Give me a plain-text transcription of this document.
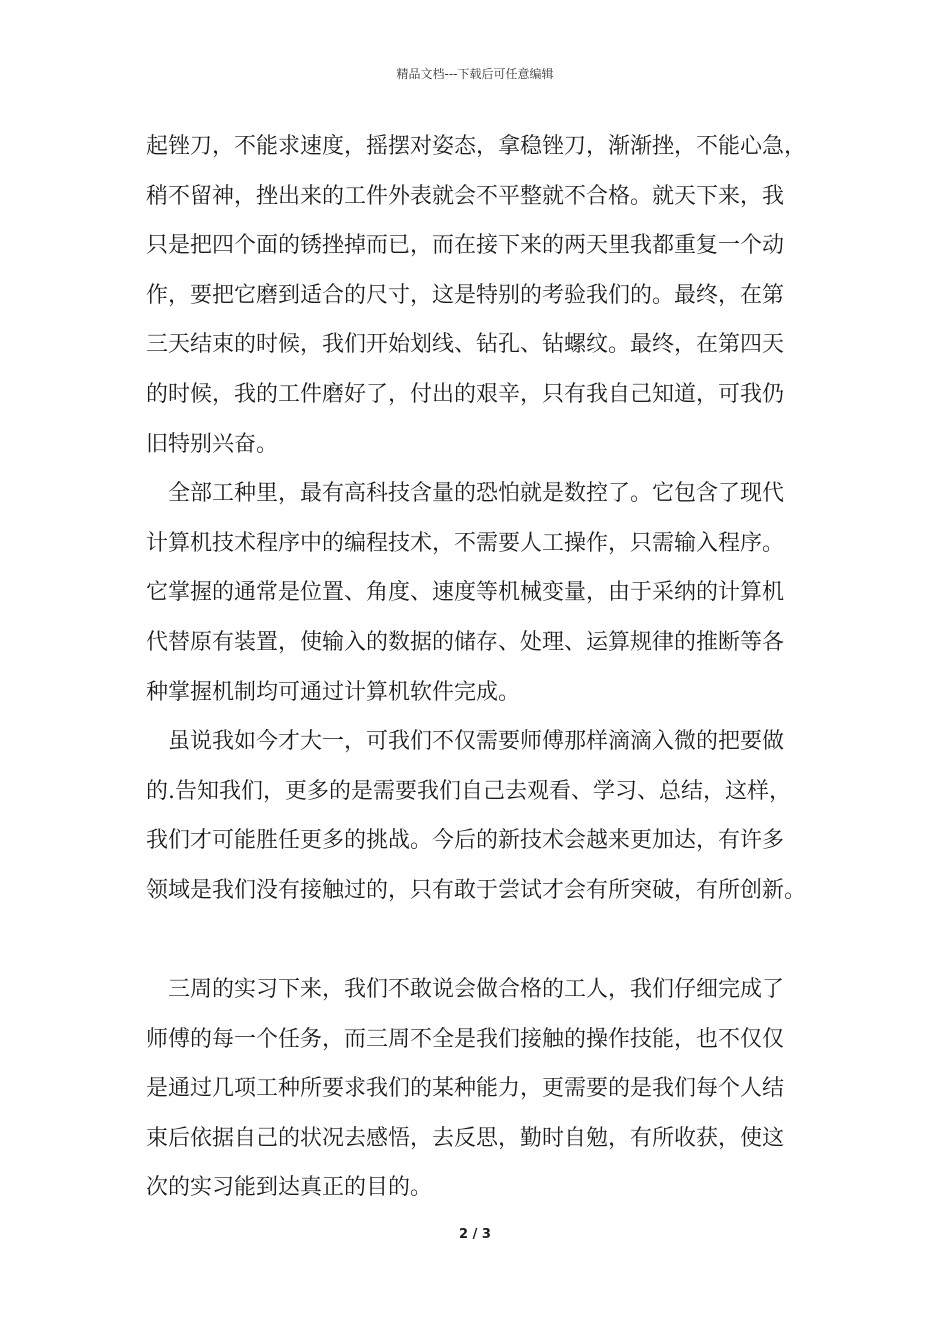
精品文档---下载后可任意编辑
起锉刀，不能求速度，摇摆对姿态，拿稳锉刀，渐渐挫，不能心急，
稍不留神，挫出来的工件外表就会不平整就不合格。就天下来，我
只是把四个面的锈挫掉而已，而在接下来的两天里我都重复一个动
作，要把它磨到适合的尺寸，这是特别的考验我们的。最终，在第
三天结束的时候，我们开始划线、钻孔、钻螺纹。最终，在第四天
的时候，我的工件磨好了，付出的艰辛，只有我自己知道，可我仍
旧特别兴奋。
　全部工种里，最有高科技含量的恐怕就是数控了。它包含了现代
计算机技术程序中的编程技术，不需要人工操作，只需输入程序。
它掌握的通常是位置、角度、速度等机械变量，由于采纳的计算机
代替原有装置，使输入的数据的储存、处理、运算规律的推断等各
种掌握机制均可通过计算机软件完成。
　虽说我如今才大一，可我们不仅需要师傅那样滴滴入微的把要做
的.告知我们，更多的是需要我们自己去观看、学习、总结，这样，
我们才可能胜任更多的挑战。今后的新技术会越来更加达，有许多
领域是我们没有接触过的，只有敢于尝试才会有所突破，有所创新。
　三周的实习下来，我们不敢说会做合格的工人，我们仔细完成了
师傅的每一个任务，而三周不全是我们接触的操作技能，也不仅仅
是通过几项工种所要求我们的某种能力，更需要的是我们每个人结
束后依据自己的状况去感悟，去反思，勤时自勉，有所收获，使这
次的实习能到达真正的目的。
2 / 3
